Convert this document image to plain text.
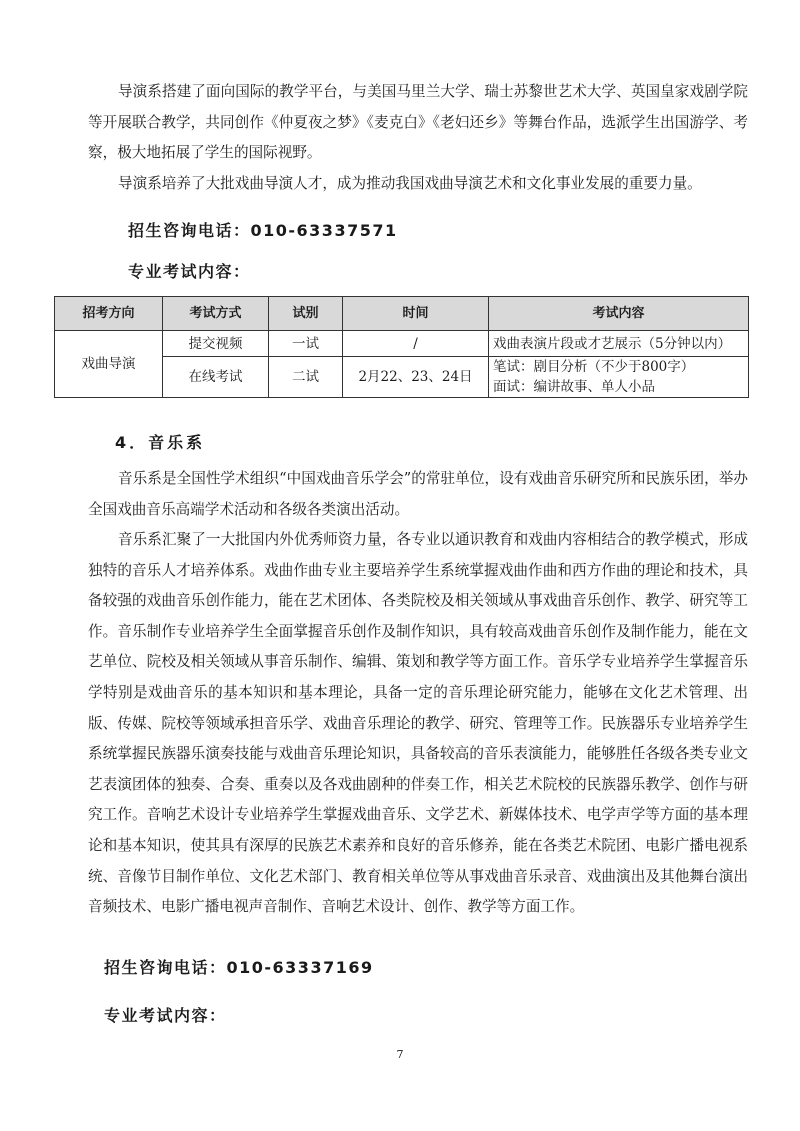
导演系搭建了面向国际的教学平台，与美国马里兰大学、瑞士苏黎世艺术大学、英国皇家戏剧学院等开展联合教学，共同创作《仲夏夜之梦》《麦克白》《老妇还乡》等舞台作品，选派学生出国游学、考察，极大地拓展了学生的国际视野。

导演系培养了大批戏曲导演人才，成为推动我国戏曲导演艺术和文化事业发展的重要力量。

招生咨询电话：010-63337571

专业考试内容：

招考方向	考试方式	试别	时间	考试内容
戏曲导演	提交视频	一试	/	戏曲表演片段或才艺展示（5分钟以内）

	在线考试	二试	2月22、23、24日	笔试：剧目分析（不少于800字）
面试：编讲故事、单人小品

4．音乐系

音乐系是全国性学术组织“中国戏曲音乐学会”的常驻单位，设有戏曲音乐研究所和民族乐团，举办全国戏曲音乐高端学术活动和各级各类演出活动。

音乐系汇聚了一大批国内外优秀师资力量，各专业以通识教育和戏曲内容相结合的教学模式，形成独特的音乐人才培养体系。戏曲作曲专业主要培养学生系统掌握戏曲作曲和西方作曲的理论和技术，具备较强的戏曲音乐创作能力，能在艺术团体、各类院校及相关领域从事戏曲音乐创作、教学、研究等工作。音乐制作专业培养学生全面掌握音乐创作及制作知识，具有较高戏曲音乐创作及制作能力，能在文艺单位、院校及相关领域从事音乐制作、编辑、策划和教学等方面工作。音乐学专业培养学生掌握音乐学特别是戏曲音乐的基本知识和基本理论，具备一定的音乐理论研究能力，能够在文化艺术管理、出版、传媒、院校等领域承担音乐学、戏曲音乐理论的教学、研究、管理等工作。民族器乐专业培养学生系统掌握民族器乐演奏技能与戏曲音乐理论知识，具备较高的音乐表演能力，能够胜任各级各类专业文艺表演团体的独奏、合奏、重奏以及各戏曲剧种的伴奏工作，相关艺术院校的民族器乐教学、创作与研究工作。音响艺术设计专业培养学生掌握戏曲音乐、文学艺术、新媒体技术、电学声学等方面的基本理论和基本知识，使其具有深厚的民族艺术素养和良好的音乐修养，能在各类艺术院团、电影广播电视系统、音像节目制作单位、文化艺术部门、教育相关单位等从事戏曲音乐录音、戏曲演出及其他舞台演出音频技术、电影广播电视声音制作、音响艺术设计、创作、教学等方面工作。

招生咨询电话：010-63337169

专业考试内容：

7
